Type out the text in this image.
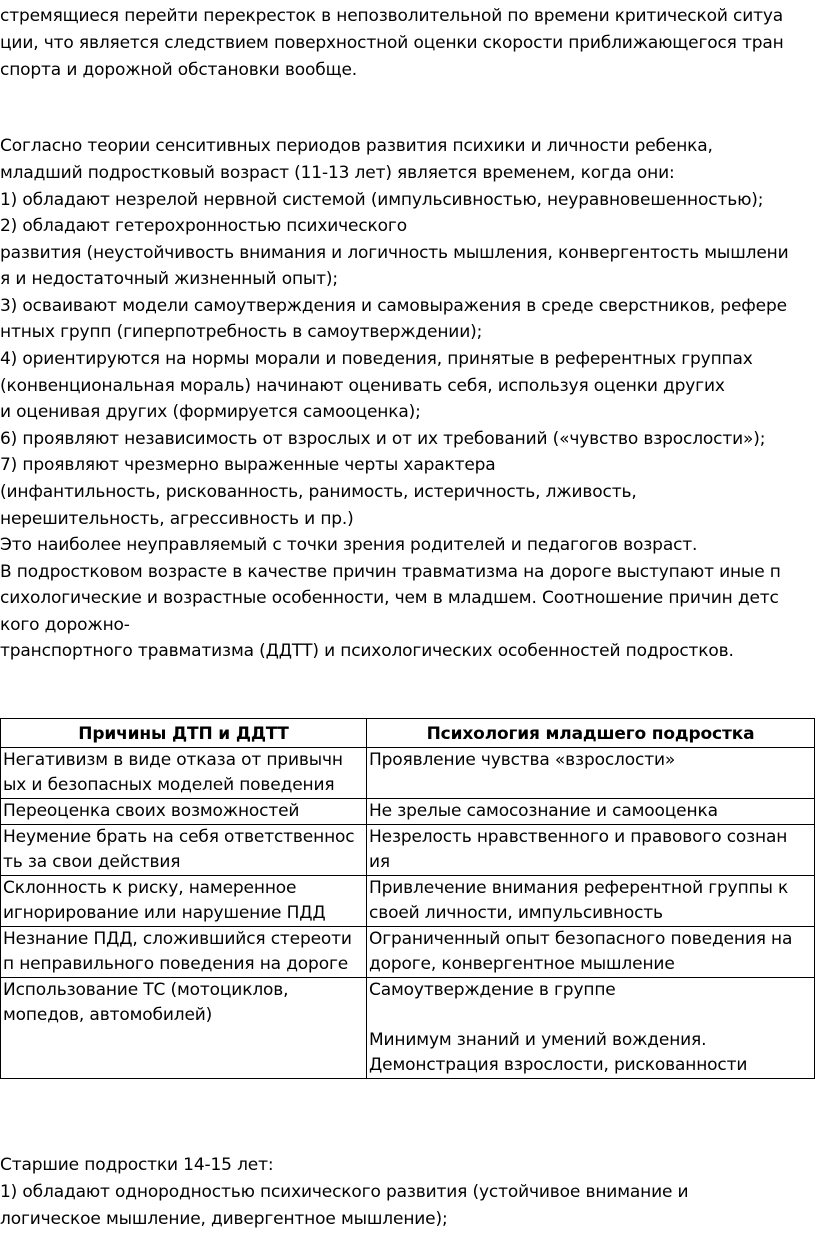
стремящиеся перейти перекресток в непозволительной по времени критической ситуа
ции, что является следствием поверхностной оценки скорости приближающегося тран
спорта и дорожной обстановки вообще.
Согласно теории сенситивных периодов развития психики и личности ребенка,
младший подростковый возраст (11-13 лет) является временем, когда они:
1) обладают незрелой нервной системой (импульсивностью, неуравновешенностью);
2) обладают гетерохронностью психического
развития (неустойчивость внимания и логичность мышления, конвергентость мышлени
я и недостаточный жизненный опыт);
3) осваивают модели самоутверждения и самовыражения в среде сверстников, рефере
нтных групп (гиперпотребность в самоутверждении);
4) ориентируются на нормы морали и поведения, принятые в референтных группах
(конвенциональная мораль) начинают оценивать себя, используя оценки других
и оценивая других (формируется самооценка);
6) проявляют независимость от взрослых и от их требований («чувство взрослости»);
7) проявляют чрезмерно выраженные черты характера
(инфантильность, рискованность, ранимость, истеричность, лживость,
нерешительность, агрессивность и пр.)
Это наиболее неуправляемый с точки зрения родителей и педагогов возраст.
В подростковом возрасте в качестве причин травматизма на дороге выступают иные п
сихологические и возрастные особенности, чем в младшем. Соотношение причин детс
кого дорожно-
транспортного травматизма (ДДТТ) и психологических особенностей подростков.
Причины ДТП и ДДТТ	Психология младшего подростка
Негативизм в виде отказа от привычн
ых и безопасных моделей поведения	Проявление чувства «взрослости»
Переоценка своих возможностей	Не зрелые самосознание и самооценка
Неумение брать на себя ответственнос
ть за свои действия	Незрелость нравственного и правового сознан
ия
Склонность к риску, намеренное
игнорирование или нарушение ПДД	Привлечение внимания референтной группы к
своей личности, импульсивность
Незнание ПДД, сложившийся стереоти
п неправильного поведения на дороге	Ограниченный опыт безопасного поведения на
дороге, конвергентное мышление
Использование ТС (мотоциклов,
мопедов, автомобилей)	Самоутверждение в группе

Минимум знаний и умений вождения.
Демонстрация взрослости, рискованности
Старшие подростки 14-15 лет:
1) обладают однородностью психического развития (устойчивое внимание и
логическое мышление, дивергентное мышление);
